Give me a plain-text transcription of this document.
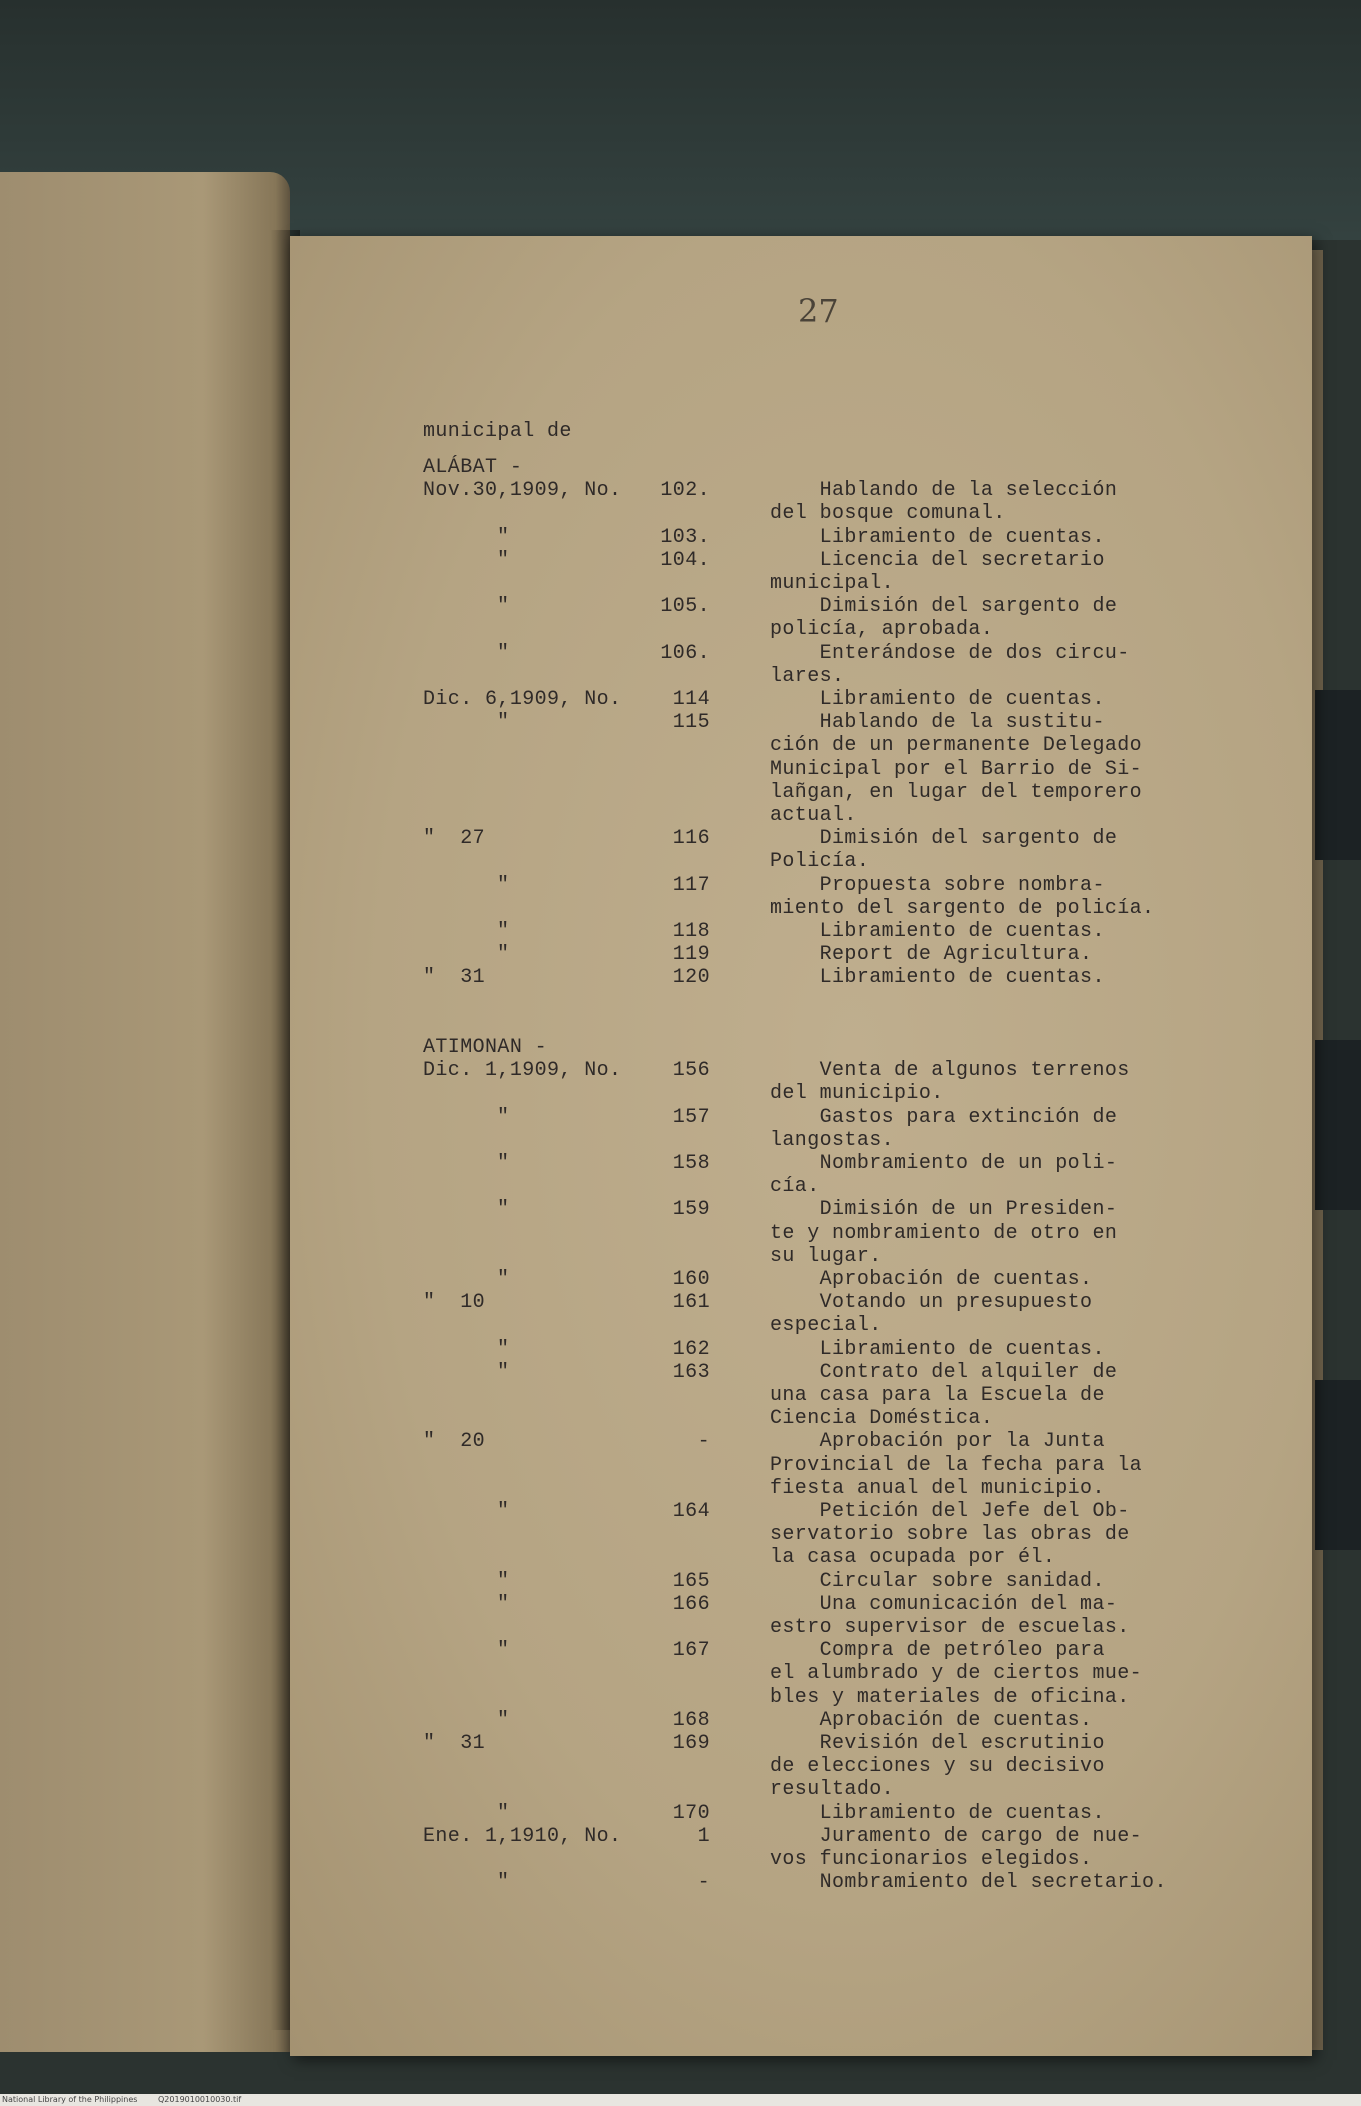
27
municipal de
ALÁBAT -
Nov.30,1909, No.	102.	Hablando de la selección
del bosque comunal.
"	103.	Libramiento de cuentas.
"	104.	Licencia del secretario
municipal.
"	105.	Dimisión del sargento de
policía, aprobada.
"	106.	Enterándose de dos circu-
lares.
Dic. 6,1909, No.	114	Libramiento de cuentas.
"	115	Hablando de la sustitu-
ción de un permanente Delegado
Municipal por el Barrio de Si-
lañgan, en lugar del temporero
actual.
"  27	116	Dimisión del sargento de
Policía.
"	117	Propuesta sobre nombra-
miento del sargento de policía.
"	118	Libramiento de cuentas.
"	119	Report de Agricultura.
"  31	120	Libramiento de cuentas.
ATIMONAN -
Dic. 1,1909, No.	156	Venta de algunos terrenos
del municipio.
"	157	Gastos para extinción de
langostas.
"	158	Nombramiento de un poli-
cía.
"	159	Dimisión de un Presiden-
te y nombramiento de otro en
su lugar.
"	160	Aprobación de cuentas.
"  10	161	Votando un presupuesto
especial.
"	162	Libramiento de cuentas.
"	163	Contrato del alquiler de
una casa para la Escuela de
Ciencia Doméstica.
"  20	-	Aprobación por la Junta
Provincial de la fecha para la
fiesta anual del municipio.
"	164	Petición del Jefe del Ob-
servatorio sobre las obras de
la casa ocupada por él.
"	165	Circular sobre sanidad.
"	166	Una comunicación del ma-
estro supervisor de escuelas.
"	167	Compra de petróleo para
el alumbrado y de ciertos mue-
bles y materiales de oficina.
"	168	Aprobación de cuentas.
"  31	169	Revisión del escrutinio
de elecciones y su decisivo
resultado.
"	170	Libramiento de cuentas.
Ene. 1,1910, No.	1	Juramento de cargo de nue-
vos funcionarios elegidos.
"	-	Nombramiento del secretario.
National Library of the Philippines	Q2019010010030.tif
